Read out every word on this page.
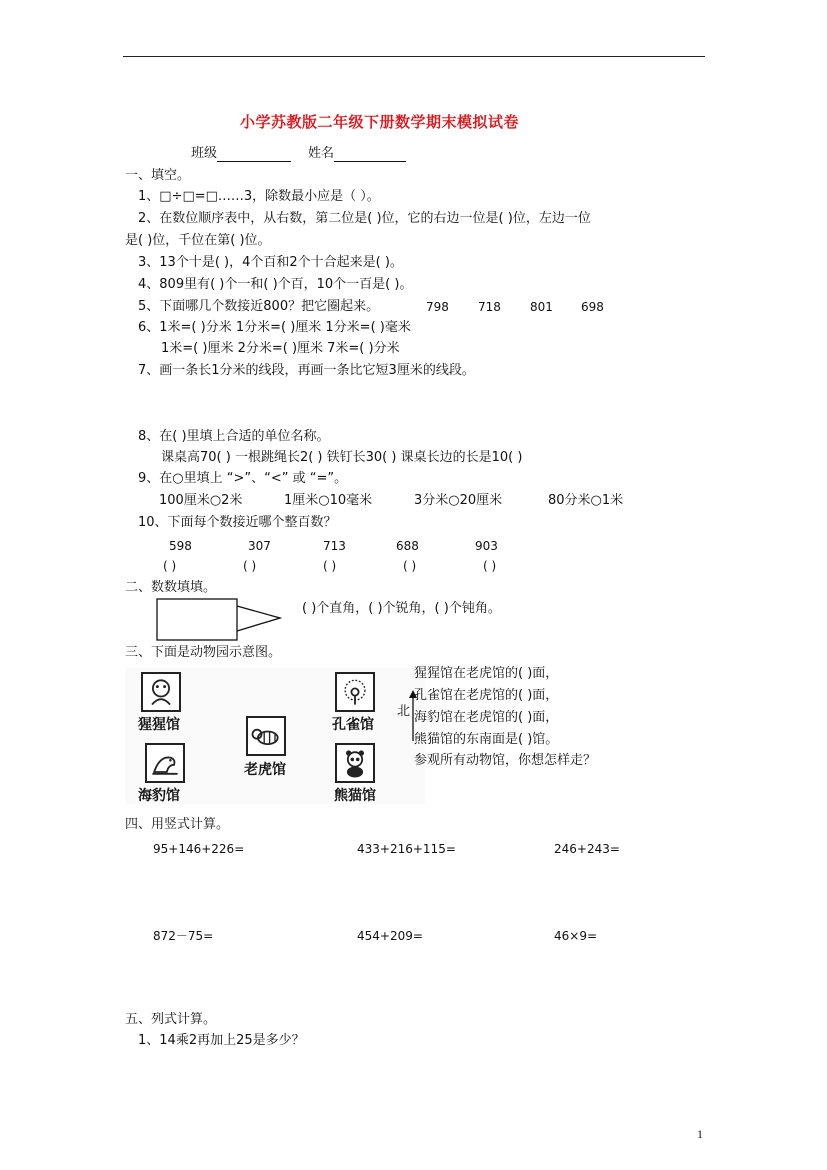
小学苏教版二年级下册数学期末模拟试卷
班级	姓名
一、填空。
1、□÷□=□……3，除数最小应是（ ）。
2、在数位顺序表中，从右数，第二位是( )位，它的右边一位是( )位，左边一位
是( )位，千位在第( )位。
3、13个十是( )，4个百和2个十合起来是( )。
4、809里有( )个一和( )个百，10个一百是( )。
5、下面哪几个数接近800？把它圈起来。	798 718 801 698
6、1米=( )分米 1分米=( )厘米 1分米=( )毫米
1米=( )厘米 2分米=( )厘米 7米=( )分米
7、画一条长1分米的线段，再画一条比它短3厘米的线段。
8、在( )里填上合适的单位名称。
课桌高70( ) 一根跳绳长2( ) 铁钉长30( ) 课桌长边的长是10( )
9、在○里填上 “>”、“<” 或 “=”。
100厘米○2米	1厘米○10毫米	3分米○20厘米	80分米○1米
10、下面每个数接近哪个整百数？
598	307	713	688	903
( )	( )	( )	( )	( )
二、数数填填。
( )个直角，( )个锐角，( )个钝角。
三、下面是动物园示意图。
猩猩馆
海豹馆
老虎馆
孔雀馆
熊猫馆
北
猩猩馆在老虎馆的( )面，
孔雀馆在老虎馆的( )面，
海豹馆在老虎馆的( )面，
熊猫馆的东南面是( )馆。
参观所有动物馆，你想怎样走？
四、用竖式计算。
95+146+226=	433+216+115=	246+243=
872－75=	454+209=	46×9=
五、列式计算。
1、14乘2再加上25是多少？
1
